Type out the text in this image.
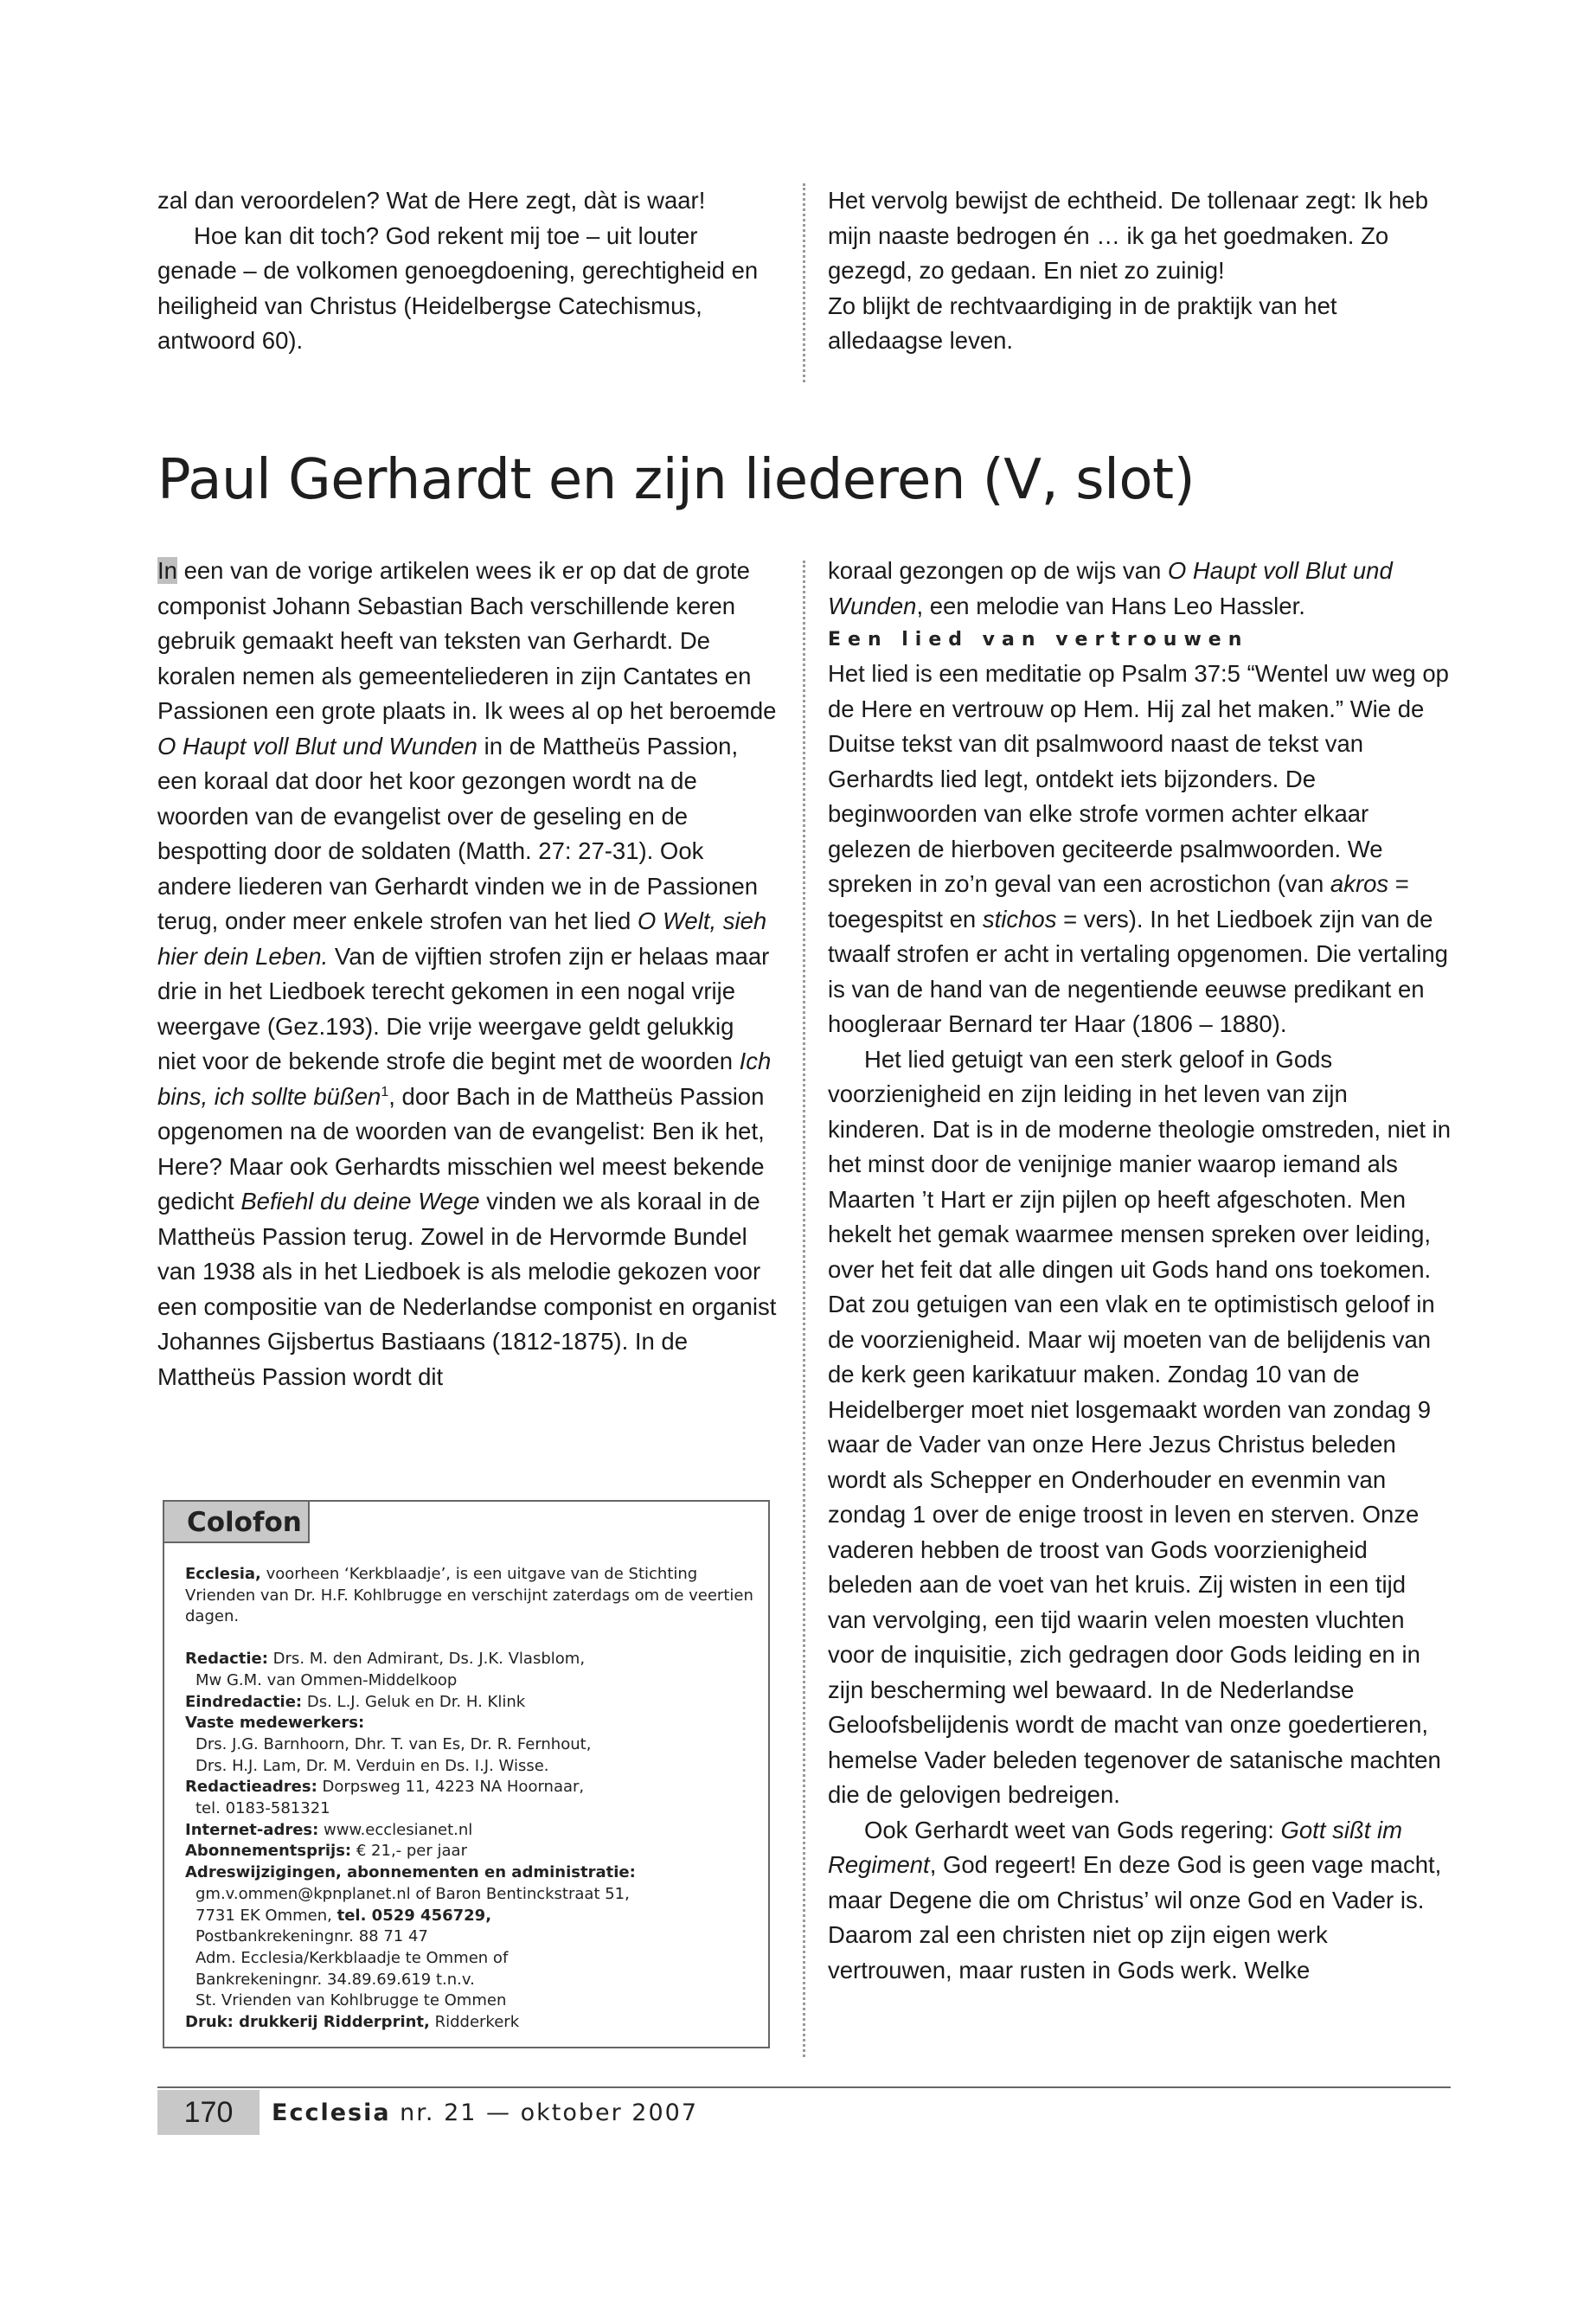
zal dan veroordelen? Wat de Here zegt, dàt is waar!

Hoe kan dit toch? God rekent mij toe – uit louter genade – de volkomen genoegdoening, gerechtigheid en heiligheid van Christus (Heidelbergse Catechismus, antwoord 60).

Het vervolg bewijst de echtheid. De tollenaar zegt: Ik heb mijn naaste bedrogen én … ik ga het goedmaken. Zo gezegd, zo gedaan. En niet zo zuinig!

Zo blijkt de rechtvaardiging in de praktijk van het alledaagse leven.

Paul Gerhardt en zijn liederen (V, slot)

In een van de vorige artikelen wees ik er op dat de grote componist Johann Sebastian Bach verschillende keren gebruik gemaakt heeft van teksten van Gerhardt. De koralen nemen als gemeenteliederen in zijn Cantates en Passionen een grote plaats in. Ik wees al op het beroemde O Haupt voll Blut und Wunden in de Mattheüs Passion, een koraal dat door het koor gezongen wordt na de woorden van de evangelist over de geseling en de bespotting door de soldaten (Matth. 27: 27-31). Ook andere liederen van Gerhardt vinden we in de Passionen terug, onder meer enkele strofen van het lied O Welt, sieh hier dein Leben. Van de vijftien strofen zijn er helaas maar drie in het Liedboek terecht gekomen in een nogal vrije weergave (Gez.193). Die vrije weergave geldt gelukkig niet voor de bekende strofe die begint met de woorden Ich bins, ich sollte büßen$^1$, door Bach in de Mattheüs Passion opgenomen na de woorden van de evangelist: Ben ik het, Here? Maar ook Gerhardts misschien wel meest bekende gedicht Befiehl du deine Wege vinden we als koraal in de Mattheüs Passion terug. Zowel in de Hervormde Bundel van 1938 als in het Liedboek is als melodie gekozen voor een compositie van de Nederlandse componist en organist Johannes Gijsbertus Bastiaans (1812-1875). In de Mattheüs Passion wordt dit

koraal gezongen op de wijs van O Haupt voll Blut und Wunden, een melodie van Hans Leo Hassler.

Een lied van vertrouwen

Het lied is een meditatie op Psalm 37:5 “Wentel uw weg op de Here en vertrouw op Hem. Hij zal het maken.” Wie de Duitse tekst van dit psalmwoord naast de tekst van Gerhardts lied legt, ontdekt iets bijzonders. De beginwoorden van elke strofe vormen achter elkaar gelezen de hierboven geciteerde psalmwoorden. We spreken in zo’n geval van een acrostichon (van akros = toegespitst en stichos = vers). In het Liedboek zijn van de twaalf strofen er acht in vertaling opgenomen. Die vertaling is van de hand van de negentiende eeuwse predikant en hoogleraar Bernard ter Haar (1806 – 1880).

Het lied getuigt van een sterk geloof in Gods voorzienigheid en zijn leiding in het leven van zijn kinderen. Dat is in de moderne theologie omstreden, niet in het minst door de venijnige manier waarop iemand als Maarten ’t Hart er zijn pijlen op heeft afgeschoten. Men hekelt het gemak waarmee mensen spreken over leiding, over het feit dat alle dingen uit Gods hand ons toekomen. Dat zou getuigen van een vlak en te optimistisch geloof in de voorzienigheid. Maar wij moeten van de belijdenis van de kerk geen karikatuur maken. Zondag 10 van de Heidelberger moet niet losgemaakt worden van zondag 9 waar de Vader van onze Here Jezus Christus beleden wordt als Schepper en Onderhouder en evenmin van zondag 1 over de enige troost in leven en sterven. Onze vaderen hebben de troost van Gods voorzienigheid beleden aan de voet van het kruis. Zij wisten in een tijd van vervolging, een tijd waarin velen moesten vluchten voor de inquisitie, zich gedragen door Gods leiding en in zijn bescherming wel bewaard. In de Nederlandse Geloofsbelijdenis wordt de macht van onze goedertieren, hemelse Vader beleden tegenover de satanische machten die de gelovigen bedreigen.

Ook Gerhardt weet van Gods regering: Gott sißt im Regiment, God regeert! En deze God is geen vage macht, maar Degene die om Christus’ wil onze God en Vader is. Daarom zal een christen niet op zijn eigen werk vertrouwen, maar rusten in Gods werk. Welke

Colofon

Ecclesia, voorheen ‘Kerkblaadje’, is een uitgave van de Stichting Vrienden van Dr. H.F. Kohlbrugge en verschijnt zaterdags om de veertien dagen.

Redactie: Drs. M. den Admirant, Ds. J.K. Vlasblom,

Mw G.M. van Ommen-Middelkoop

Eindredactie: Ds. L.J. Geluk en Dr. H. Klink

Vaste medewerkers:

Drs. J.G. Barnhoorn, Dhr. T. van Es, Dr. R. Fernhout,

Drs. H.J. Lam, Dr. M. Verduin en Ds. I.J. Wisse.

Redactieadres: Dorpsweg 11, 4223 NA Hoornaar,

tel. 0183-581321

Internet-adres: www.ecclesianet.nl

Abonnementsprijs: € 21,- per jaar

Adreswijzigingen, abonnementen en administratie:

gm.v.ommen@kpnplanet.nl of Baron Bentinckstraat 51,

7731 EK Ommen, tel. 0529 456729,

Postbankrekeningnr. 88 71 47

Adm. Ecclesia/Kerkblaadje te Ommen of

Bankrekeningnr. 34.89.69.619 t.n.v.

St. Vrienden van Kohlbrugge te Ommen

Druk: drukkerij Ridderprint, Ridderkerk

170	Ecclesia nr. 21 — oktober 2007
